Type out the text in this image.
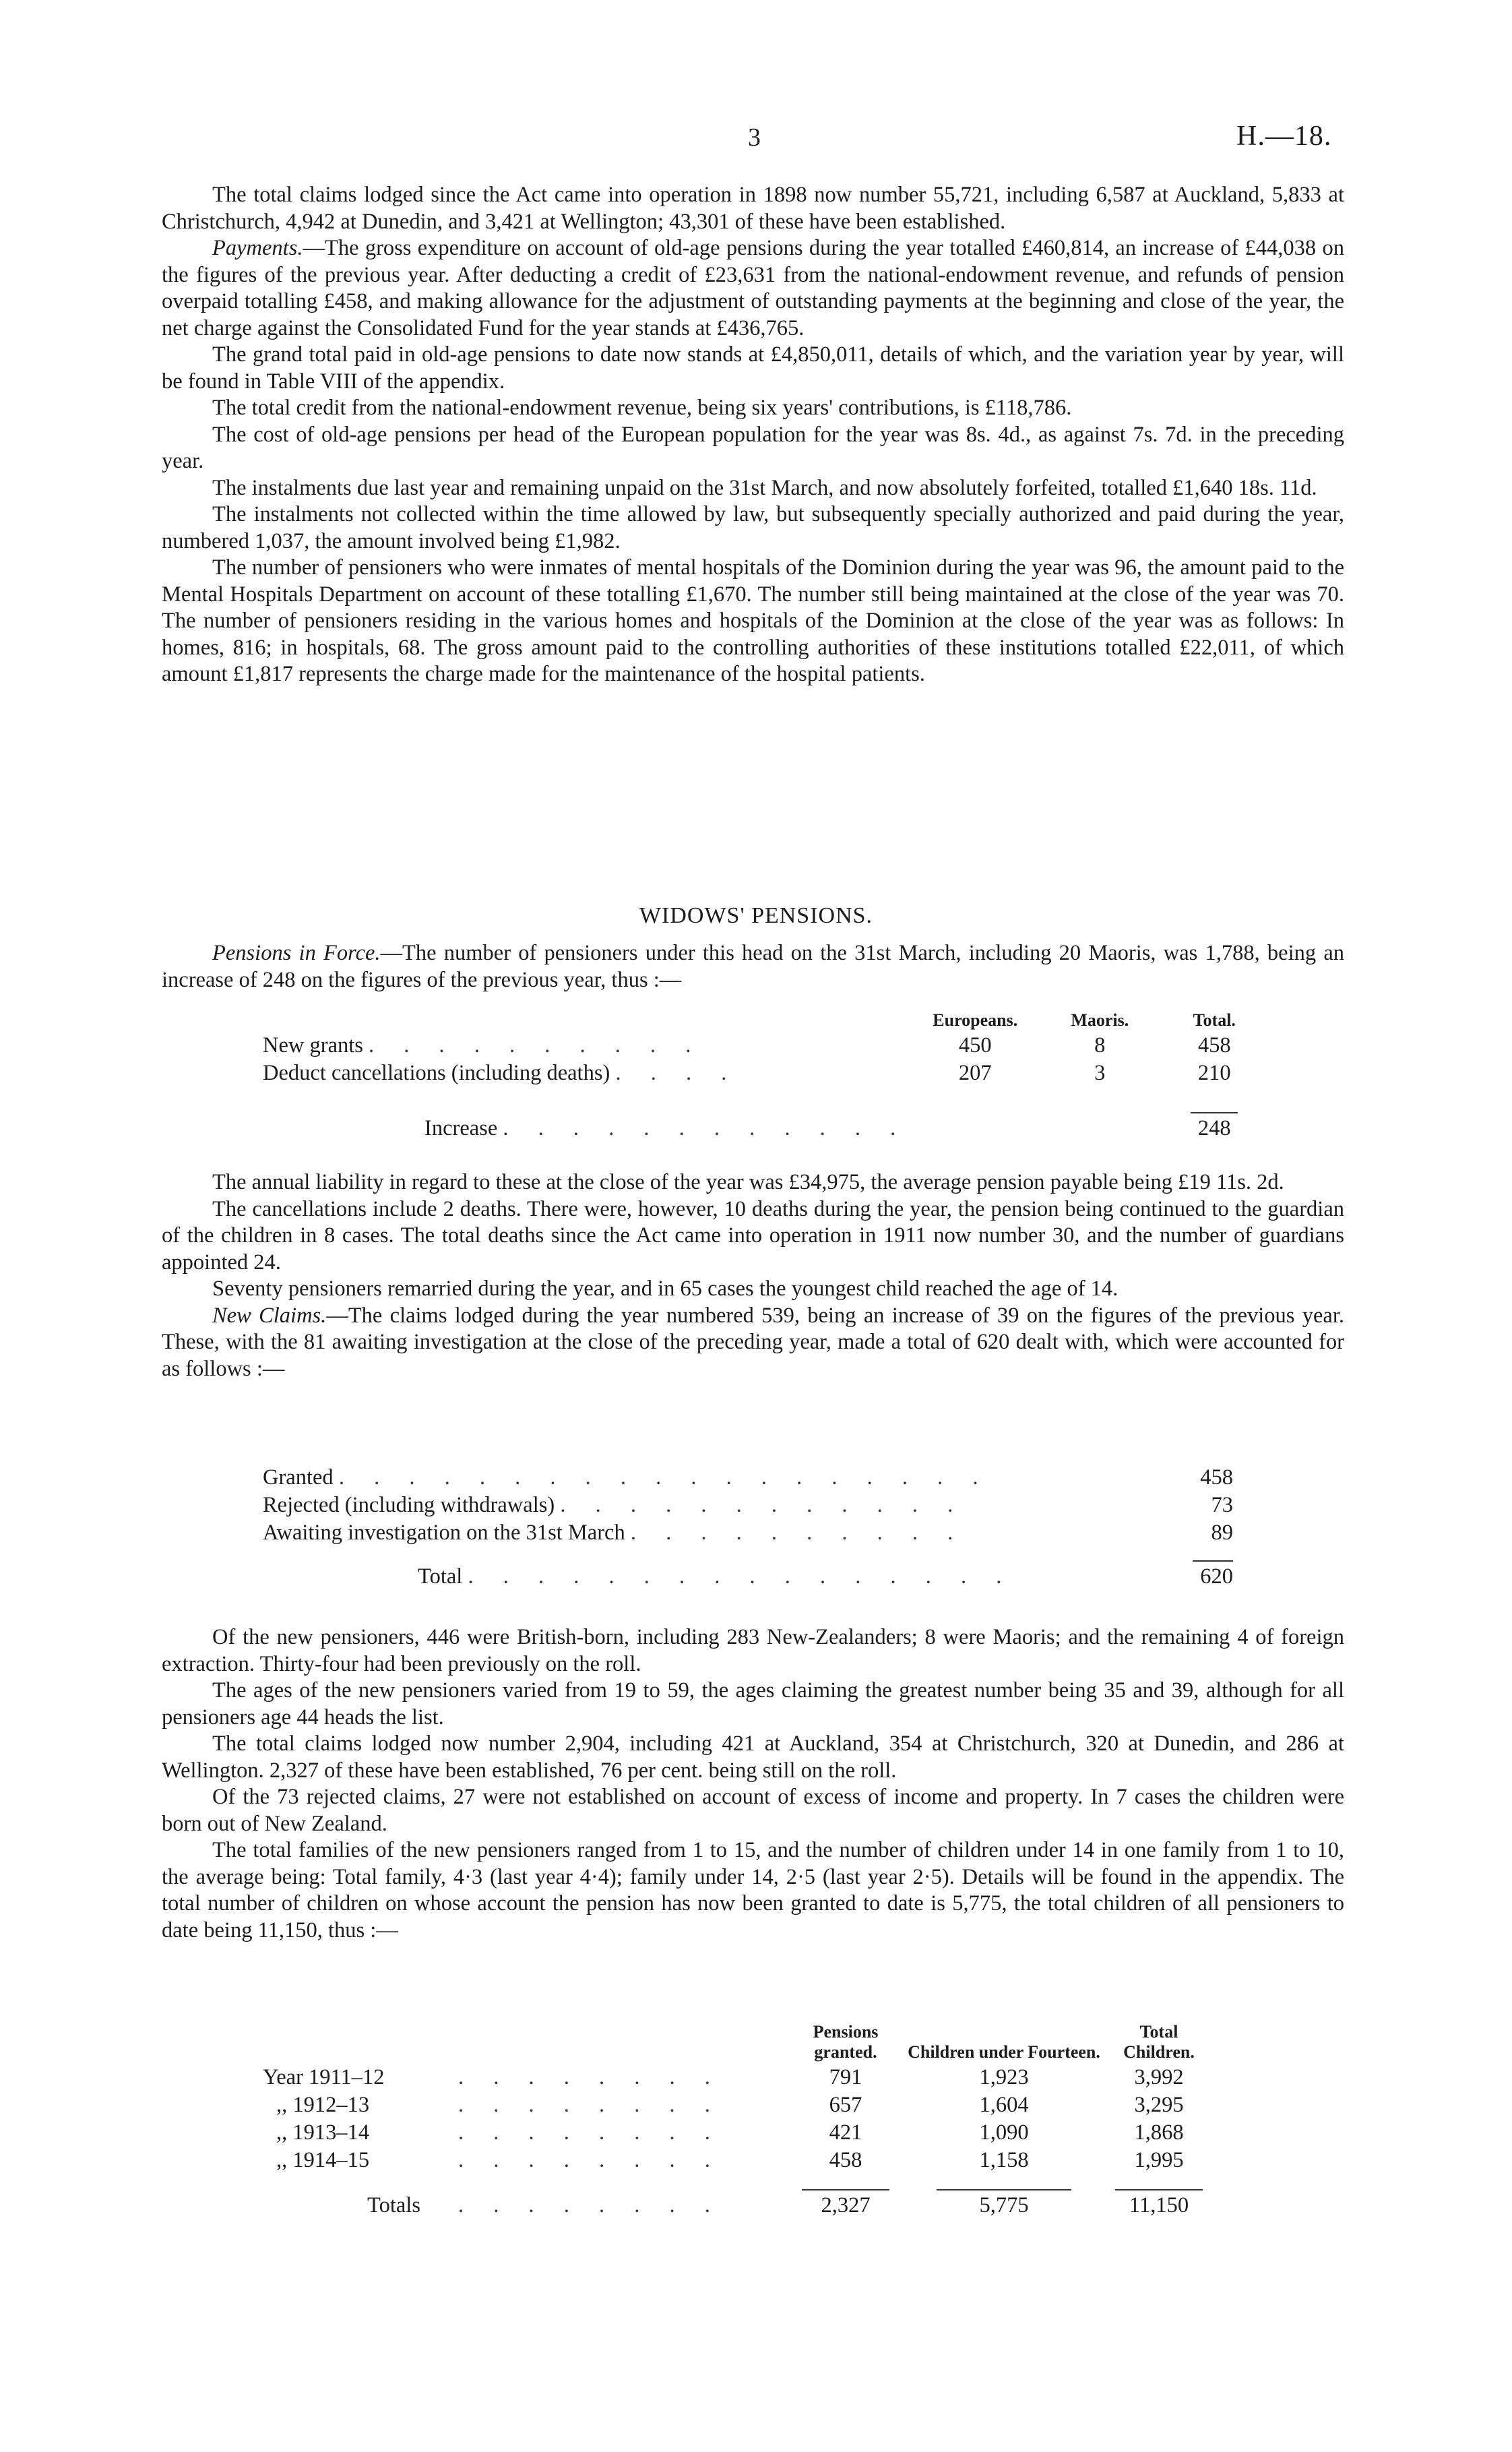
3	H.—18.

The total claims lodged since the Act came into operation in 1898 now number 55,721, including 6,587 at Auckland, 5,833 at Christchurch, 4,942 at Dunedin, and 3,421 at Wellington; 43,301 of these have been established.

Payments.—The gross expenditure on account of old-age pensions during the year totalled £460,814, an increase of £44,038 on the figures of the previous year. After deducting a credit of £23,631 from the national-endowment revenue, and refunds of pension overpaid totalling £458, and making allowance for the adjustment of outstanding payments at the beginning and close of the year, the net charge against the Consolidated Fund for the year stands at £436,765.

The grand total paid in old-age pensions to date now stands at £4,850,011, details of which, and the variation year by year, will be found in Table VIII of the appendix.

The total credit from the national-endowment revenue, being six years' contributions, is £118,786.

The cost of old-age pensions per head of the European population for the year was 8s. 4d., as against 7s. 7d. in the preceding year.

The instalments due last year and remaining unpaid on the 31st March, and now absolutely forfeited, totalled £1,640 18s. 11d.

The instalments not collected within the time allowed by law, but subsequently specially authorized and paid during the year, numbered 1,037, the amount involved being £1,982.

The number of pensioners who were inmates of mental hospitals of the Dominion during the year was 96, the amount paid to the Mental Hospitals Department on account of these totalling £1,670. The number still being maintained at the close of the year was 70. The number of pensioners residing in the various homes and hospitals of the Dominion at the close of the year was as follows: In homes, 816; in hospitals, 68. The gross amount paid to the controlling authorities of these institutions totalled £22,011, of which amount £1,817 represents the charge made for the maintenance of the hospital patients.

WIDOWS' PENSIONS.

Pensions in Force.—The number of pensioners under this head on the 31st March, including 20 Maoris, was 1,788, being an increase of 248 on the figures of the previous year, thus :—

	Europeans.	Maoris.	Total.
New grants . . . . . . . . . .	450	8	458
Deduct cancellations (including deaths) . . . .	207	3	210

Increase . . . . . . . . . . . .			248

The annual liability in regard to these at the close of the year was £34,975, the average pension payable being £19 11s. 2d.

The cancellations include 2 deaths. There were, however, 10 deaths during the year, the pension being continued to the guardian of the children in 8 cases. The total deaths since the Act came into operation in 1911 now number 30, and the number of guardians appointed 24.

Seventy pensioners remarried during the year, and in 65 cases the youngest child reached the age of 14.

New Claims.—The claims lodged during the year numbered 539, being an increase of 39 on the figures of the previous year. These, with the 81 awaiting investigation at the close of the preceding year, made a total of 620 dealt with, which were accounted for as follows :—

Granted . . . . . . . . . . . . . . . . . . .	458
Rejected (including withdrawals) . . . . . . . . . . . .	73
Awaiting investigation on the 31st March . . . . . . . . . .	89

Total . . . . . . . . . . . . . . . .	620

Of the new pensioners, 446 were British-born, including 283 New-Zealanders; 8 were Maoris; and the remaining 4 of foreign extraction. Thirty-four had been previously on the roll.

The ages of the new pensioners varied from 19 to 59, the ages claiming the greatest number being 35 and 39, although for all pensioners age 44 heads the list.

The total claims lodged now number 2,904, including 421 at Auckland, 354 at Christchurch, 320 at Dunedin, and 286 at Wellington. 2,327 of these have been established, 76 per cent. being still on the roll.

Of the 73 rejected claims, 27 were not established on account of excess of income and property. In 7 cases the children were born out of New Zealand.

The total families of the new pensioners ranged from 1 to 15, and the number of children under 14 in one family from 1 to 10, the average being: Total family, 4·3 (last year 4·4); family under 14, 2·5 (last year 2·5). Details will be found in the appendix. The total number of children on whose account the pension has now been granted to date is 5,775, the total children of all pensioners to date being 11,150, thus :—

	Pensions granted.	Children under Fourteen.	Total Children.
Year 1911–12 . . . . . . . .	791	1,923	3,992
,, 1912–13 . . . . . . . .	657	1,604	3,295
,, 1913–14 . . . . . . . .	421	1,090	1,868
,, 1914–15 . . . . . . . .	458	1,158	1,995

Totals . . . . . . . .	2,327	5,775	11,150
